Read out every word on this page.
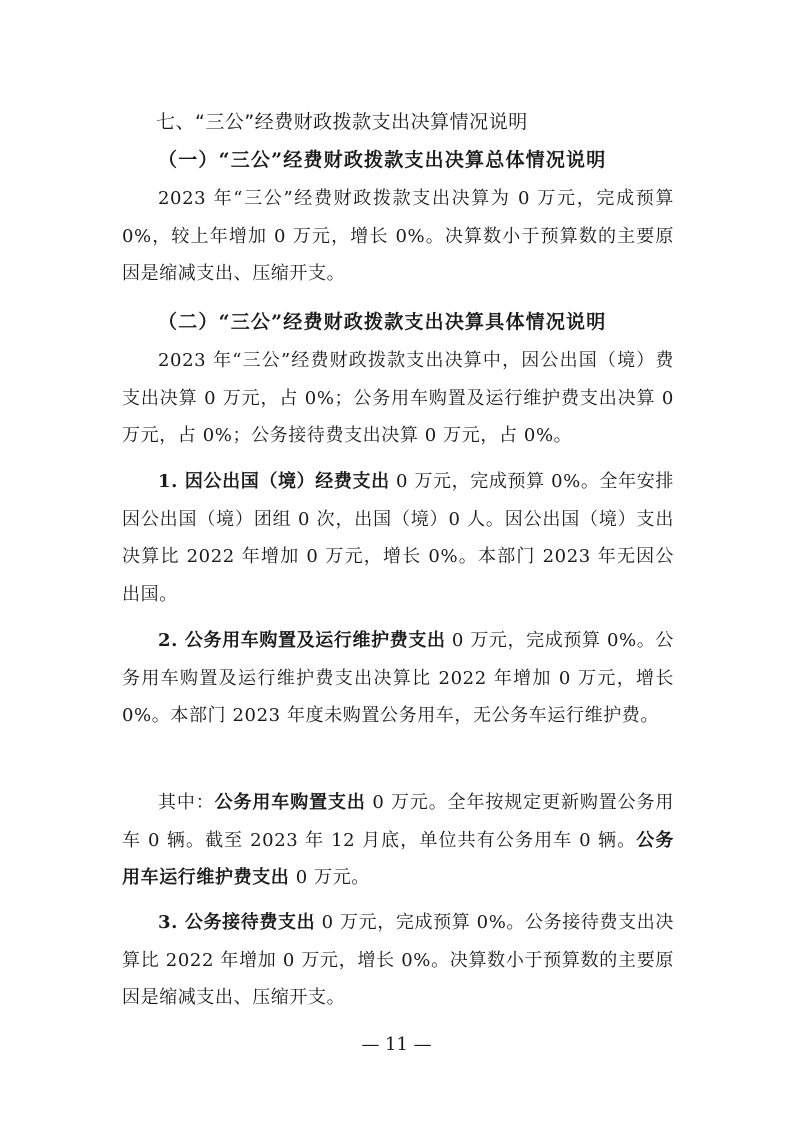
七、“三公”经费财政拨款支出决算情况说明
（一）“三公”经费财政拨款支出决算总体情况说明
2023 年“三公”经费财政拨款支出决算为 0 万元，完成预算 0%，较上年增加 0 万元，增长 0%。决算数小于预算数的主要原因是缩减支出、压缩开支。
（二）“三公”经费财政拨款支出决算具体情况说明
2023 年“三公”经费财政拨款支出决算中，因公出国（境）费支出决算 0 万元，占 0%；公务用车购置及运行维护费支出决算 0 万元，占 0%；公务接待费支出决算 0 万元，占 0%。
1. 因公出国（境）经费支出 0 万元，完成预算 0%。全年安排因公出国（境）团组 0 次，出国（境）0 人。因公出国（境）支出决算比 2022 年增加 0 万元，增长 0%。本部门 2023 年无因公出国。
2. 公务用车购置及运行维护费支出 0 万元，完成预算 0%。公务用车购置及运行维护费支出决算比 2022 年增加 0 万元，增长 0%。本部门 2023 年度未购置公务用车，无公务车运行维护费。
其中：公务用车购置支出 0 万元。全年按规定更新购置公务用车 0 辆。截至 2023 年 12 月底，单位共有公务用车 0 辆。公务用车运行维护费支出 0 万元。
3. 公务接待费支出 0 万元，完成预算 0%。公务接待费支出决算比 2022 年增加 0 万元，增长 0%。决算数小于预算数的主要原因是缩减支出、压缩开支。
— 11 —
